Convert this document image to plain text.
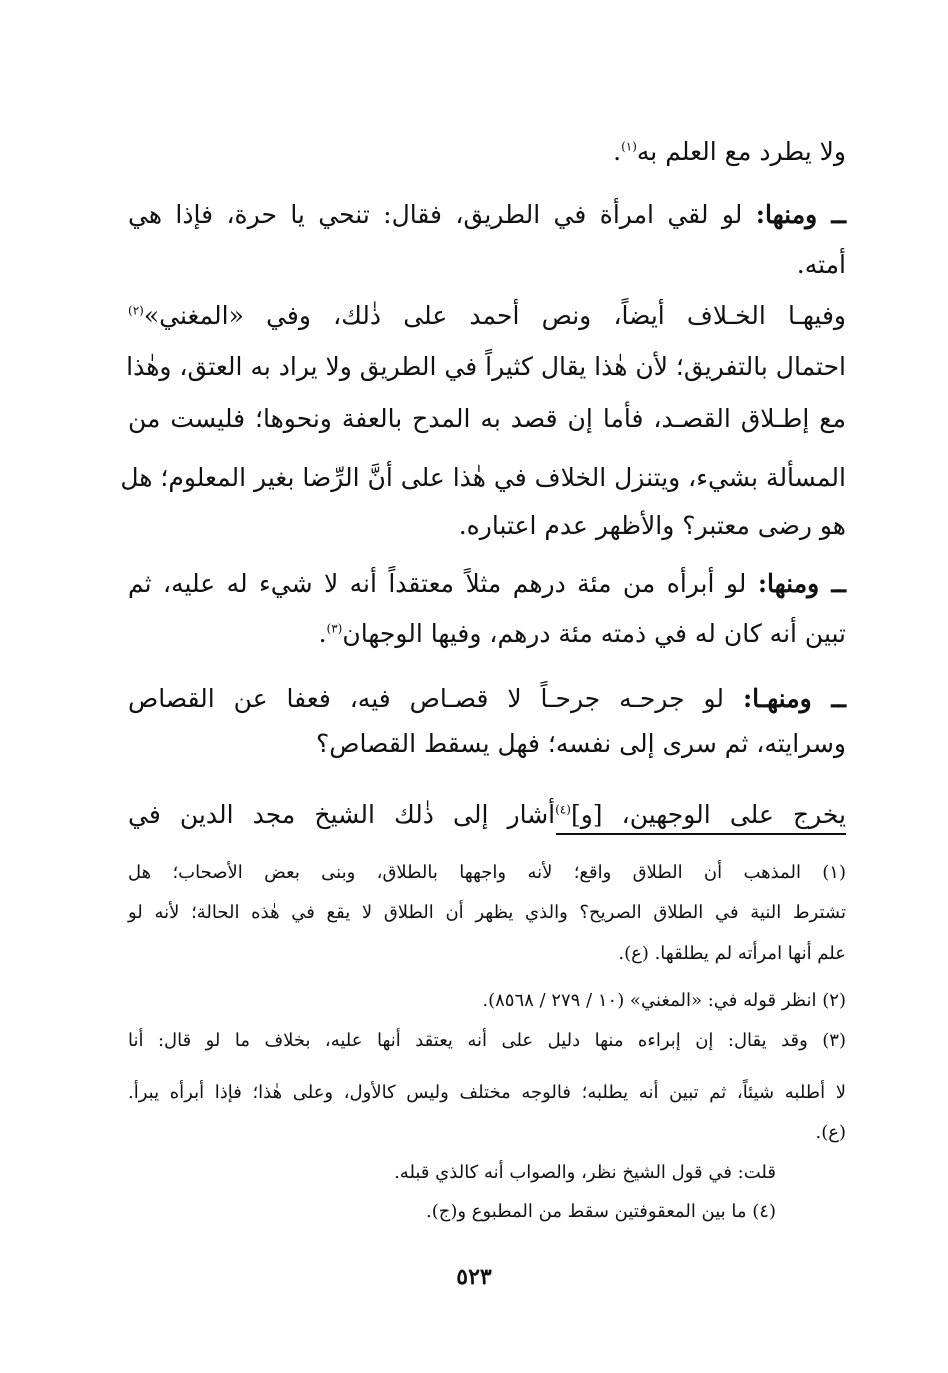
ولا يطرد مع العلم به$^{(١)}$.
ــ ومنها: لو لقي امرأة في الطريق، فقال: تنحي يا حرة، فإذا هي
أمته.
وفيهـا الخـلاف أيضاً، ونص أحمد على ذٰلك، وفي «المغني»$^{(٢)}$
احتمال بالتفريق؛ لأن هٰذا يقال كثيراً في الطريق ولا يراد به العتق، وهٰذا
مع إطـلاق القصـد، فأما إن قصد به المدح بالعفة ونحوها؛ فليست من
المسألة بشيء، ويتنزل الخلاف في هٰذا على أنَّ الرِّضا بغير المعلوم؛ هل
هو رضى معتبر؟ والأظهر عدم اعتباره.
ــ ومنها: لو أبرأه من مئة درهم مثلاً معتقداً أنه لا شيء له عليه، ثم
تبين أنه كان له في ذمته مئة درهم، وفيها الوجهان$^{(٣)}$.
ــ ومنهـا: لو جرحـه جرحـاً لا قصـاص فيه، فعفا عن القصاص
وسرايته، ثم سرى إلى نفسه؛ فهل يسقط القصاص؟
يخرج على الوجهين، [و]$^{(٤)}$أشار إلى ذٰلك الشيخ مجد الدين في
(١) المذهب أن الطلاق واقع؛ لأنه واجهها بالطلاق، وبنى بعض الأصحاب؛ هل
تشترط النية في الطلاق الصريح؟ والذي يظهر أن الطلاق لا يقع في هٰذه الحالة؛ لأنه لو
علم أنها امرأته لم يطلقها. (ع).
(٢) انظر قوله في: «المغني» (١٠ / ٢٧٩ / ٨٥٦٨).
(٣) وقد يقال: إن إبراءه منها دليل على أنه يعتقد أنها عليه، بخلاف ما لو قال: أنا
لا أطلبه شيئاً، ثم تبين أنه يطلبه؛ فالوجه مختلف وليس كالأول، وعلى هٰذا؛ فإذا أبرأه يبرأ.
(ع).
قلت: في قول الشيخ نظر، والصواب أنه كالذي قبله.
(٤) ما بين المعقوفتين سقط من المطبوع و(ج).
٥٢٣
